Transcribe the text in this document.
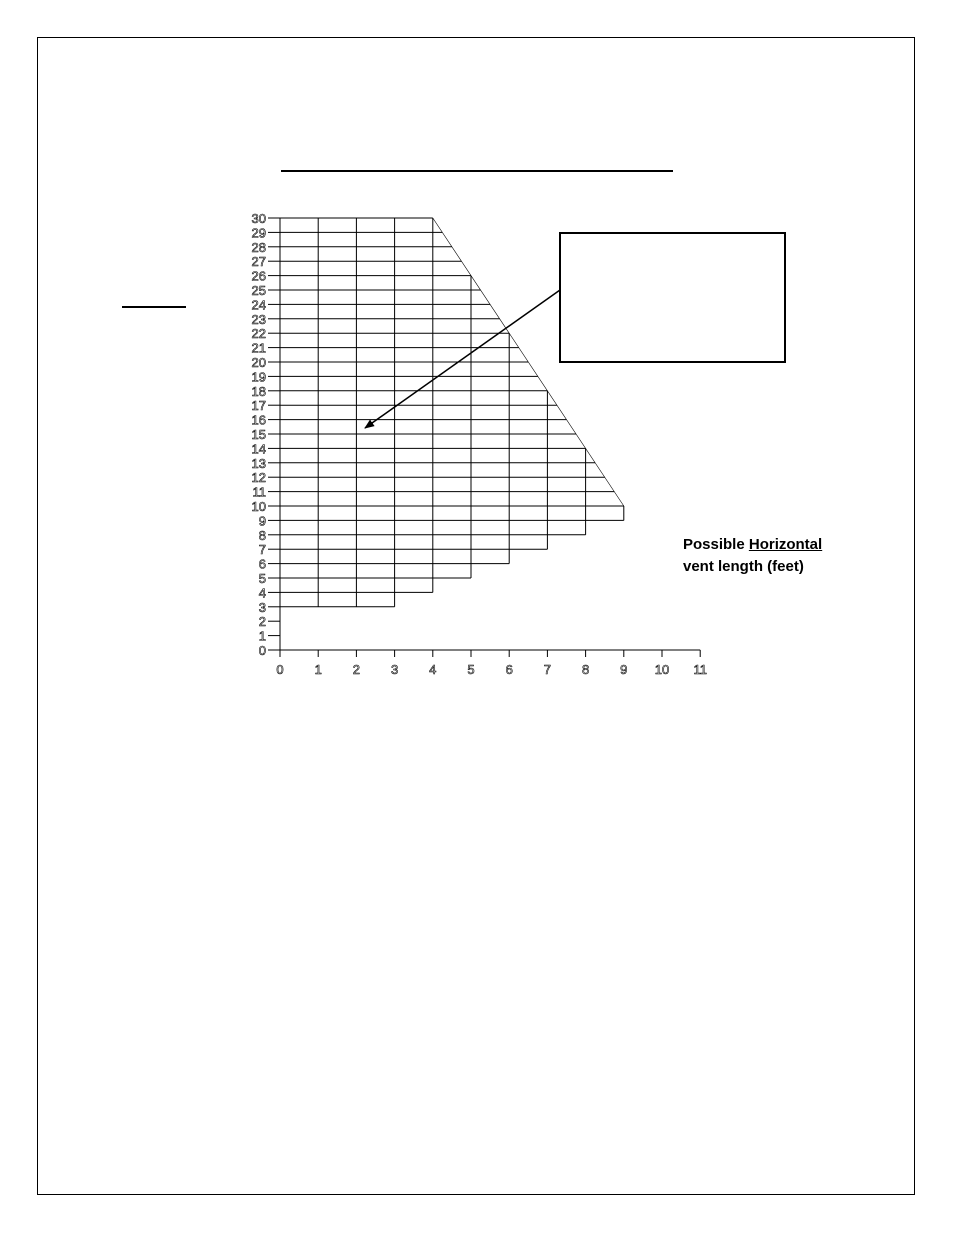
0
1
2
3
4
5
6
7
8
9
10
11
12
13
14
15
16
17
18
19
20
21
22
23
24
25
26
27
28
29
30
0 1 2 3 4 5 6 7 8 9 10 11
Possible Horizontal
vent length (feet)
